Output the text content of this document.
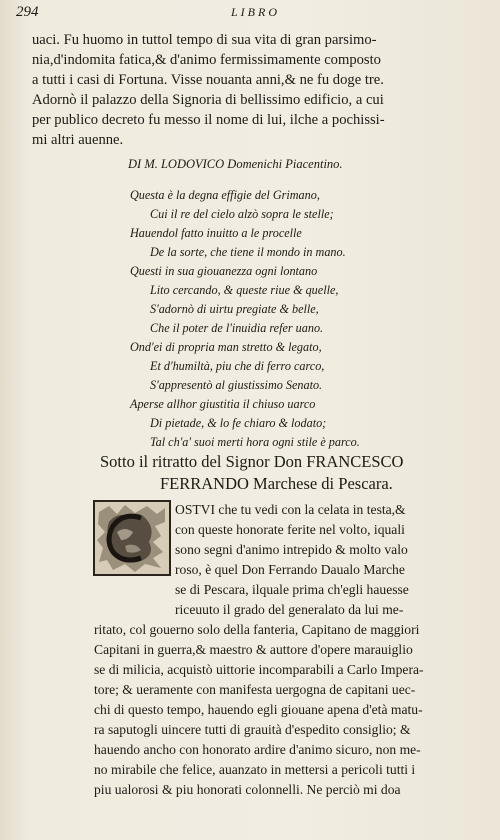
294	LIBRO
uaci. Fu huomo in tuttol tempo di sua vita di gran parsimo-
nia,d'indomita fatica,& d'animo fermissimamente composto
a tutti i casi di Fortuna. Visse nouanta anni,& ne fu doge tre.
Adornò il palazzo della Signoria di bellissimo edificio, a cui
per publico decreto fu messo il nome di lui, ilche a pochissi-
mi altri auenne.
DI M. LODOVICO Domenichi Piacentino.
Questa è la degna effigie del Grimano,
Cui il re del cielo alzò sopra le stelle;
Hauendol fatto inuitto a le procelle
De la sorte, che tiene il mondo in mano.
Questi in sua giouanezza ogni lontano
Lito cercando, & queste riue & quelle,
S'adornò di uirtu pregiate & belle,
Che il poter de l'inuidia refer uano.
Ond'ei di propria man stretto & legato,
Et d'humiltà, piu che di ferro carco,
S'appresentò al giustissimo Senato.
Aperse allhor giustitia il chiuso uarco
Di pietade, & lo fe chiaro & lodato;
Tal ch'a' suoi merti hora ogni stile è parco.
Sotto il ritratto del Signor Don FRANCESCO
FERRANDO Marchese di Pescara.
OSTVI che tu vedi con la celata in testa,&
con queste honorate ferite nel volto, iquali
sono segni d'animo intrepido & molto valo
roso, è quel Don Ferrando Daualo Marche
se di Pescara, ilquale prima ch'egli hauesse
riceuuto il grado del generalato da lui me-
ritato, col gouerno solo della fanteria, Capitano de maggiori
Capitani in guerra,& maestro & auttore d'opere marauiglio
se di milicia, acquistò uittorie incomparabili a Carlo Impera-
tore; & ueramente con manifesta uergogna de capitani uec-
chi di questo tempo, hauendo egli giouane apena d'età matu-
ra saputogli uincere tutti di grauità d'espedito consiglio; &
hauendo ancho con honorato ardire d'animo sicuro, non me-
no mirabile che felice, auanzato in mettersi a pericoli tutti i
piu ualorosi & piu honorati colonnelli. Ne perciò mi doa
